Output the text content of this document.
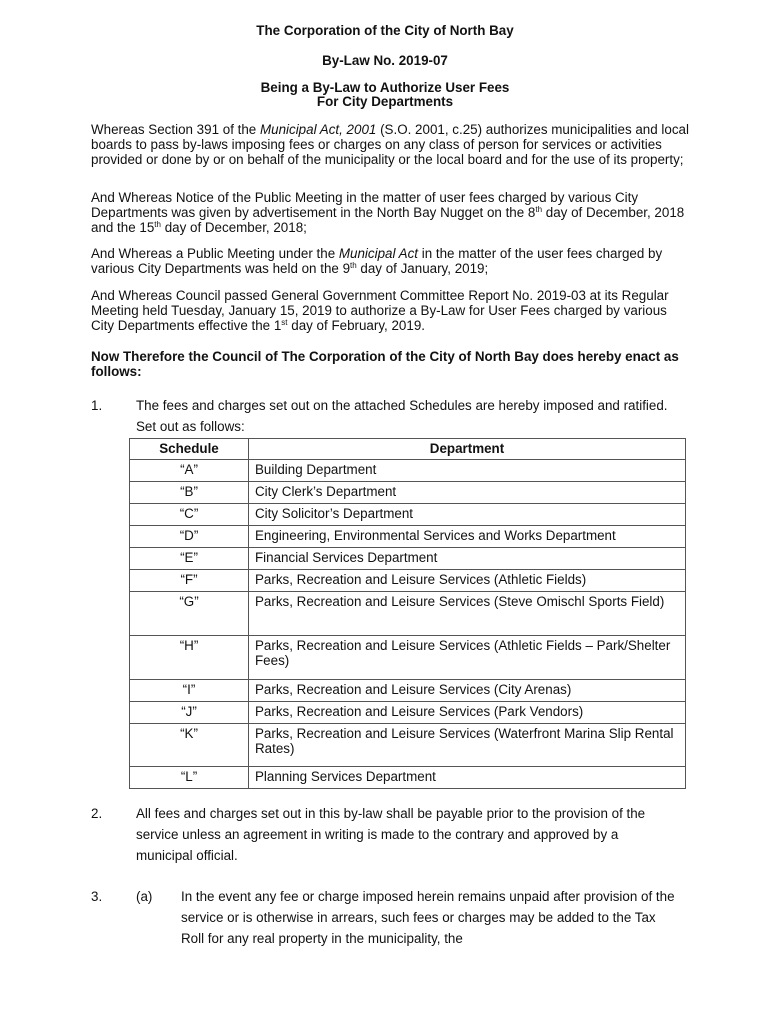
The Corporation of the City of North Bay
By-Law No. 2019-07
Being a By-Law to Authorize User Fees
For City Departments
Whereas Section 391 of the Municipal Act, 2001 (S.O. 2001, c.25) authorizes municipalities and local boards to pass by-laws imposing fees or charges on any class of person for services or activities provided or done by or on behalf of the municipality or the local board and for the use of its property;
And Whereas Notice of the Public Meeting in the matter of user fees charged by various City Departments was given by advertisement in the North Bay Nugget on the 8th day of December, 2018 and the 15th day of December, 2018;
And Whereas a Public Meeting under the Municipal Act in the matter of the user fees charged by various City Departments was held on the 9th day of January, 2019;
And Whereas Council passed General Government Committee Report No. 2019-03 at its Regular Meeting held Tuesday, January 15, 2019 to authorize a By-Law for User Fees charged by various City Departments effective the 1st day of February, 2019.
Now Therefore the Council of The Corporation of the City of North Bay does hereby enact as follows:
1.	The fees and charges set out on the attached Schedules are hereby imposed and ratified. Set out as follows:
Schedule	Department
“A”	Building Department
“B”	City Clerk’s Department
“C”	City Solicitor’s Department
“D”	Engineering, Environmental Services and Works Department
“E”	Financial Services Department
“F”	Parks, Recreation and Leisure Services (Athletic Fields)
“G”	Parks, Recreation and Leisure Services (Steve Omischl Sports Field)
“H”	Parks, Recreation and Leisure Services (Athletic Fields – Park/Shelter Fees)
“I”	Parks, Recreation and Leisure Services (City Arenas)
“J”	Parks, Recreation and Leisure Services (Park Vendors)
“K”	Parks, Recreation and Leisure Services (Waterfront Marina Slip Rental Rates)
“L”	Planning Services Department
2.	All fees and charges set out in this by-law shall be payable prior to the provision of the service unless an agreement in writing is made to the contrary and approved by a municipal official.
3.	(a) In the event any fee or charge imposed herein remains unpaid after provision of the service or is otherwise in arrears, such fees or charges may be added to the Tax Roll for any real property in the municipality, the
